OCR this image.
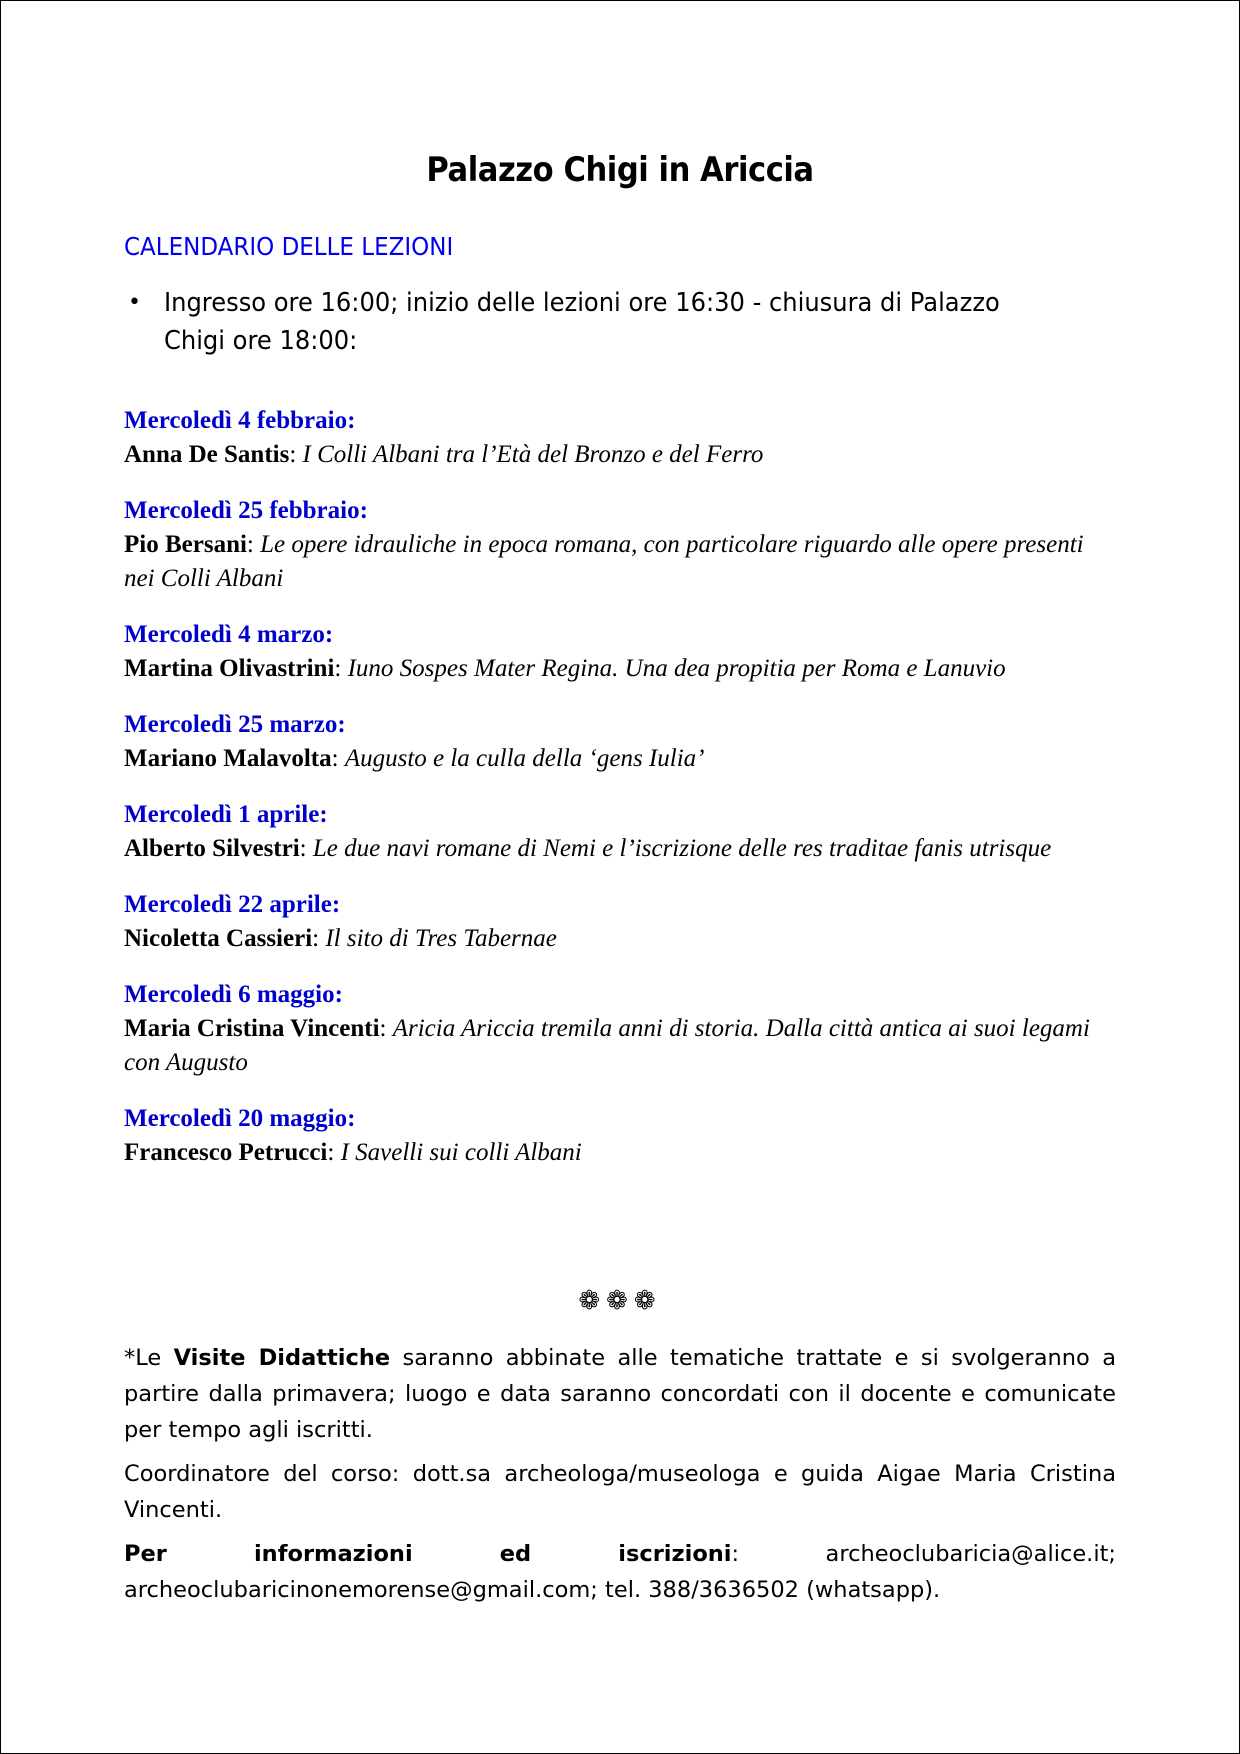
Palazzo Chigi in Ariccia
CALENDARIO DELLE LEZIONI
• Ingresso ore 16:00; inizio delle lezioni ore 16:30 - chiusura di Palazzo Chigi ore 18:00:
Mercoledì 4 febbraio:
Anna De Santis: I Colli Albani tra l’Età del Bronzo e del Ferro
Mercoledì 25 febbraio:
Pio Bersani: Le opere idrauliche in epoca romana, con particolare riguardo alle opere presenti nei Colli Albani
Mercoledì 4 marzo:
Martina Olivastrini: Iuno Sospes Mater Regina. Una dea propitia per Roma e Lanuvio
Mercoledì 25 marzo:
Mariano Malavolta: Augusto e la culla della ‘gens Iulia’
Mercoledì 1 aprile:
Alberto Silvestri: Le due navi romane di Nemi e l’iscrizione delle res traditae fanis utrisque
Mercoledì 22 aprile:
Nicoletta Cassieri: Il sito di Tres Tabernae
Mercoledì 6 maggio:
Maria Cristina Vincenti: Aricia Ariccia tremila anni di storia. Dalla città antica ai suoi legami con Augusto
Mercoledì 20 maggio:
Francesco Petrucci: I Savelli sui colli Albani
❁❁❁

*Le Visite Didattiche saranno abbinate alle tematiche trattate e si svolgeranno a partire dalla primavera; luogo e data saranno concordati con il docente e comunicate per tempo agli iscritti.

Coordinatore del corso: dott.sa archeologa/museologa e guida Aigae Maria Cristina Vincenti.

Per informazioni ed iscrizioni: archeoclubaricia@alice.it; archeoclubaricinonemorense@gmail.com; tel. 388/3636502 (whatsapp).
